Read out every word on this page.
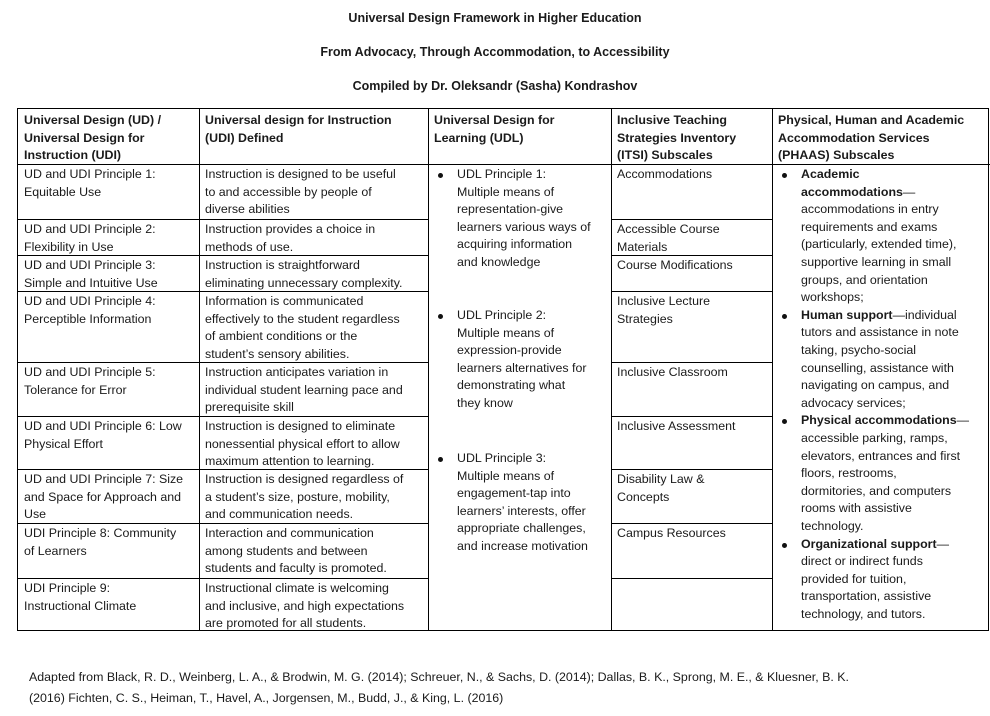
Universal Design Framework in Higher Education
From Advocacy, Through Accommodation, to Accessibility
Compiled by Dr. Oleksandr (Sasha) Kondrashov
Universal Design (UD) /
Universal Design for
Instruction (UDI)
Universal design for Instruction
(UDI) Defined
Universal Design for
Learning (UDL)
Inclusive Teaching
Strategies Inventory
(ITSI) Subscales
Physical, Human and Academic
Accommodation Services
(PHAAS) Subscales
UD and UDI Principle 1:
Equitable Use
Instruction is designed to be useful
to and accessible by people of
diverse abilities
UD and UDI Principle 2:
Flexibility in Use
Instruction provides a choice in
methods of use.
UD and UDI Principle 3:
Simple and Intuitive Use
Instruction is straightforward
eliminating unnecessary complexity.
UD and UDI Principle 4:
Perceptible Information
Information is communicated
effectively to the student regardless
of ambient conditions or the
student’s sensory abilities.
UD and UDI Principle 5:
Tolerance for Error
Instruction anticipates variation in
individual student learning pace and
prerequisite skill
UD and UDI Principle 6: Low
Physical Effort
Instruction is designed to eliminate
nonessential physical effort to allow
maximum attention to learning.
UD and UDI Principle 7: Size
and Space for Approach and
Use
Instruction is designed regardless of
a student’s size, posture, mobility,
and communication needs.
UDI Principle 8: Community
of Learners
Interaction and communication
among students and between
students and faculty is promoted.
UDI Principle 9:
Instructional Climate
Instructional climate is welcoming
and inclusive, and high expectations
are promoted for all students.
UDL Principle 1:
Multiple means of
representation-give
learners various ways of
acquiring information
and knowledge
UDL Principle 2:
Multiple means of
expression-provide
learners alternatives for
demonstrating what
they know
UDL Principle 3:
Multiple means of
engagement-tap into
learners’ interests, offer
appropriate challenges,
and increase motivation
Accommodations
Accessible Course
Materials
Course Modifications
Inclusive Lecture
Strategies
Inclusive Classroom
Inclusive Assessment
Disability Law &
Concepts
Campus Resources
Academic
accommodations—
accommodations in entry
requirements and exams
(particularly, extended time),
supportive learning in small
groups, and orientation
workshops;
Human support—individual
tutors and assistance in note
taking, psycho-social
counselling, assistance with
navigating on campus, and
advocacy services;
Physical accommodations—
accessible parking, ramps,
elevators, entrances and first
floors, restrooms,
dormitories, and computers
rooms with assistive
technology.
Organizational support—
direct or indirect funds
provided for tuition,
transportation, assistive
technology, and tutors.
Adapted from Black, R. D., Weinberg, L. A., & Brodwin, M. G. (2014); Schreuer, N., & Sachs, D. (2014); Dallas, B. K., Sprong, M. E., & Kluesner, B. K.
(2016) Fichten, C. S., Heiman, T., Havel, A., Jorgensen, M., Budd, J., & King, L. (2016)
